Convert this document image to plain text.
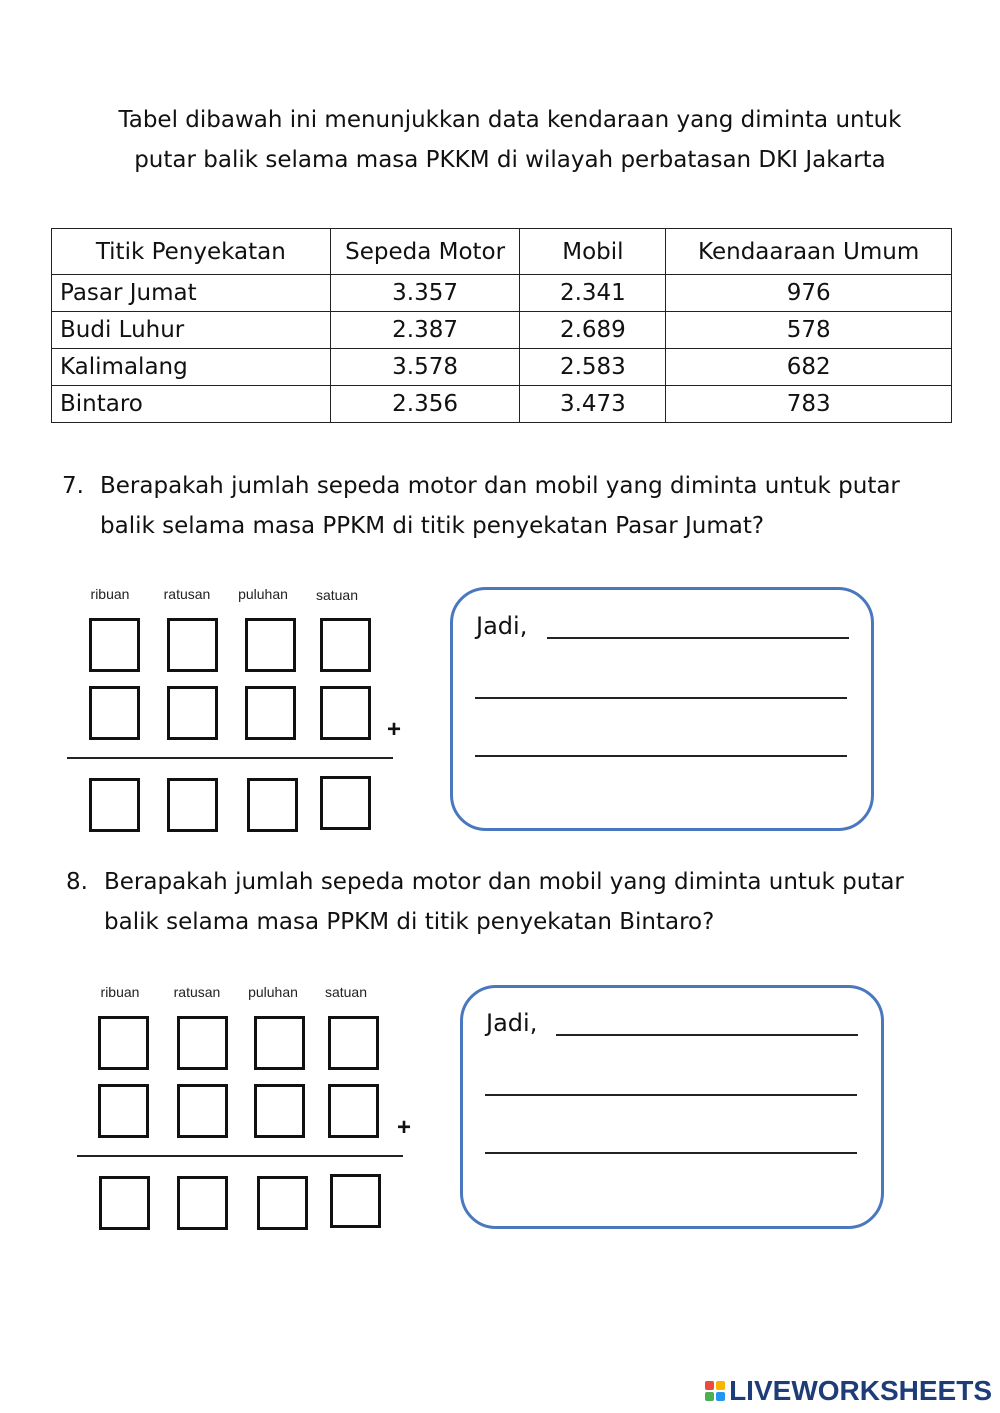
Tabel dibawah ini menunjukkan data kendaraan yang diminta untuk

putar balik selama masa PKKM di wilayah perbatasan DKI Jakarta

Titik Penyekatan	Sepeda Motor	Mobil	Kendaaraan Umum
Pasar Jumat	3.357	2.341	976
Budi Luhur	2.387	2.689	578
Kalimalang	3.578	2.583	682
Bintaro	2.356	3.473	783
7. Berapakah jumlah sepeda motor dan mobil yang diminta untuk putar
balik selama masa PPKM di titik penyekatan Pasar Jumat?
ribuan	ratusan	puluhan	satuan
+
Jadi,
8. Berapakah jumlah sepeda motor dan mobil yang diminta untuk putar
balik selama masa PPKM di titik penyekatan Bintaro?
ribuan	ratusan	puluhan	satuan
+
Jadi,
LIVEWORKSHEETS
